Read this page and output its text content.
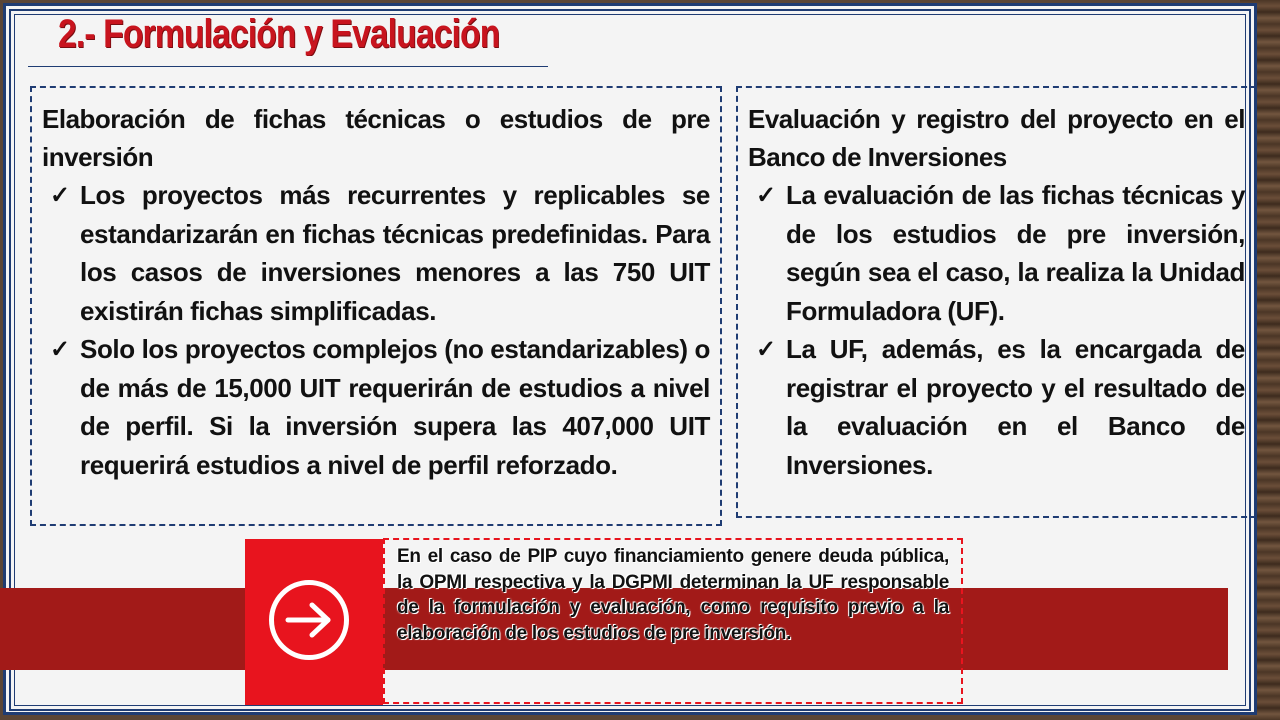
2.- Formulación y Evaluación
Elaboración de fichas técnicas o estudios de pre inversión
✓ Los proyectos más recurrentes y replicables se estandarizarán en fichas técnicas predefinidas. Para los casos de inversiones menores a las 750 UIT existirán fichas simplificadas.
✓ Solo los proyectos complejos (no estandarizables) o de más de 15,000 UIT requerirán de estudios a nivel de perfil. Si la inversión supera las 407,000 UIT requerirá estudios a nivel de perfil reforzado.
Evaluación y registro del proyecto en el Banco de Inversiones
✓ La evaluación de las fichas técnicas y de los estudios de pre inversión, según sea el caso, la realiza la Unidad Formuladora (UF).
✓ La UF, además, es la encargada de registrar el proyecto y el resultado de la evaluación en el Banco de Inversiones.
En el caso de PIP cuyo financiamiento genere deuda pública, la OPMI respectiva y la DGPMI determinan la UF responsable de la formulación y evaluación, como requisito previo a la elaboración de los estudios de pre inversión.
